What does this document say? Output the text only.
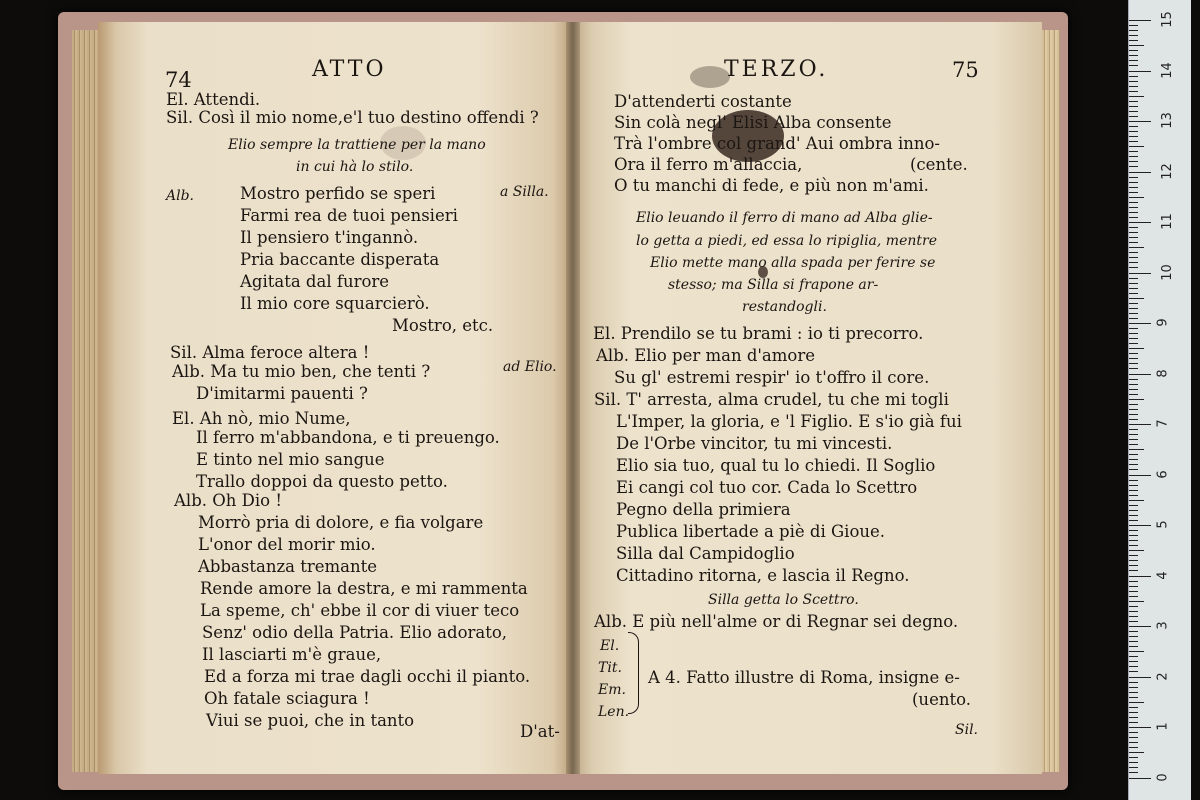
74	ATTO	TERZO.	75
El. Attendi.
Sil. Così il mio nome,e'l tuo destino offendi ?
Elio sempre la trattiene per la mano
in cui hà lo stilo.
Alb.	Mostro perfido se speri	a Silla.
Farmi rea de tuoi pensieri
Il pensiero t'ingannò.
Pria baccante disperata
Agitata dal furore
Il mio core squarcierò.
Mostro, etc.
Sil. Alma feroce altera !
Alb. Ma tu mio ben, che tenti ?	ad Elio.
D'imitarmi pauenti ?
El. Ah nò, mio Nume,
Il ferro m'abbandona, e ti preuengo.
E tinto nel mio sangue
Trallo doppoi da questo petto.
Alb. Oh Dio !
Morrò pria di dolore, e fia volgare
L'onor del morir mio.
Abbastanza tremante
Rende amore la destra, e mi rammenta
La speme, ch' ebbe il cor di viuer teco
Senz' odio della Patria. Elio adorato,
Il lasciarti m'è graue,
Ed a forza mi trae dagli occhi il pianto.
Oh fatale sciagura !
Viui se puoi, che in tanto
D'at-
D'attenderti costante
Sin colà negl' Elisi Alba consente
Trà l'ombre col grand' Aui ombra inno-
Ora il ferro m'allaccia,	(cente.
O tu manchi di fede, e più non m'ami.
Elio leuando il ferro di mano ad Alba glie-
lo getta a piedi, ed essa lo ripiglia, mentre
Elio mette mano alla spada per ferire se
stesso; ma Silla si frapone ar-
restandogli.
El. Prendilo se tu brami : io ti precorro.
Alb. Elio per man d'amore
Su gl' estremi respir' io t'offro il core.
Sil. T' arresta, alma crudel, tu che mi togli
L'Imper, la gloria, e 'l Figlio. E s'io già fui
De l'Orbe vincitor, tu mi vincesti.
Elio sia tuo, qual tu lo chiedi. Il Soglio
Ei cangi col tuo cor. Cada lo Scettro
Pegno della primiera
Publica libertade a piè di Gioue.
Silla dal Campidoglio
Cittadino ritorna, e lascia il Regno.
Silla getta lo Scettro.
Alb. E più nell'alme or di Regnar sei degno.
El.
Tit.
Em.
Len.
A 4. Fatto illustre di Roma, insigne e-
(uento.
Sil.
15
14
13
12
11
10
9
8
7
6
5
4
3
2
1
0
